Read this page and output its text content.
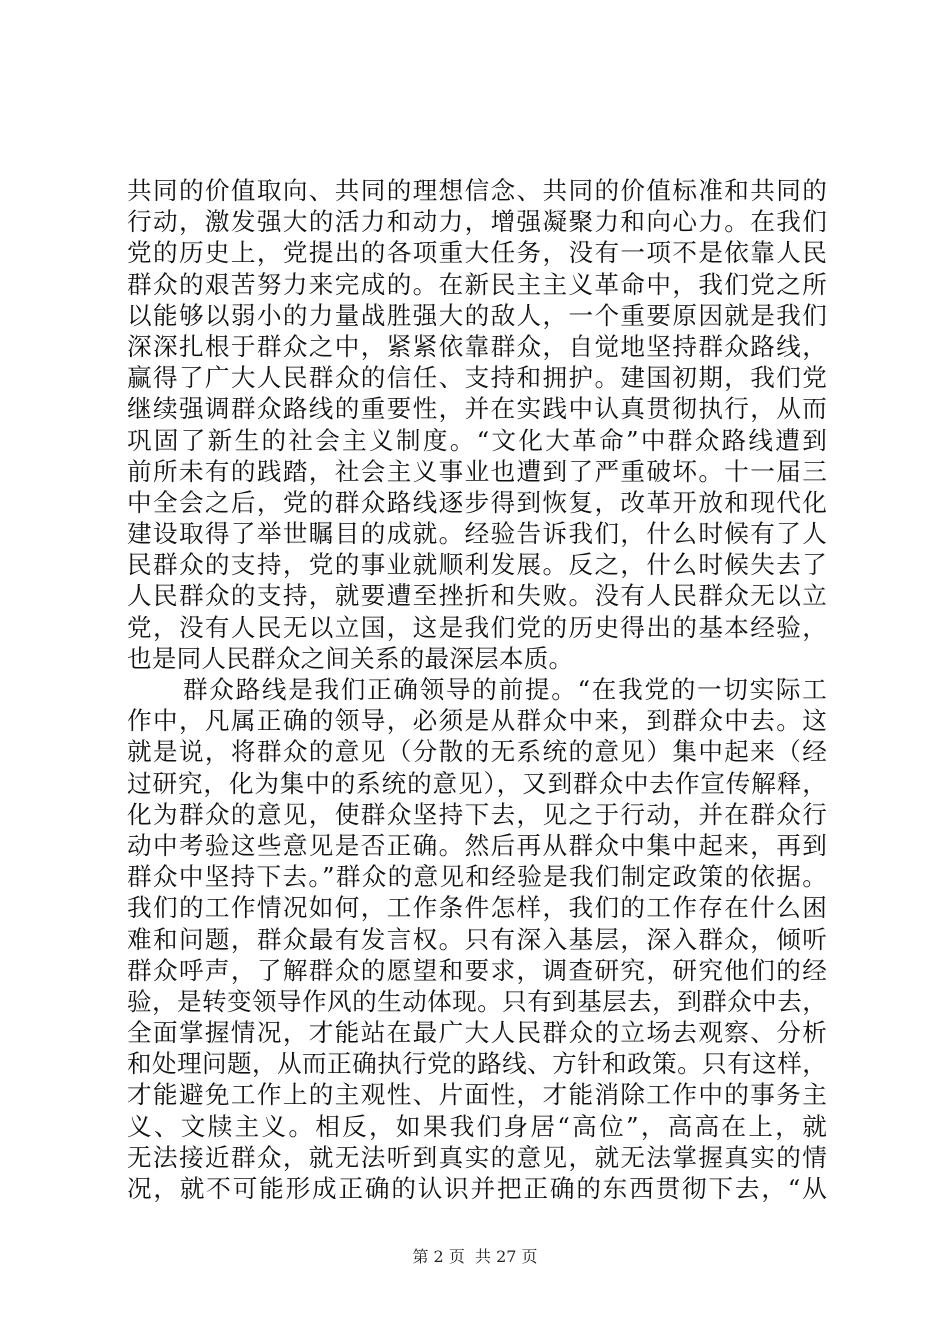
共同的价值取向、共同的理想信念、共同的价值标准和共同的
行动，激发强大的活力和动力，增强凝聚力和向心力。在我们
党的历史上，党提出的各项重大任务，没有一项不是依靠人民
群众的艰苦努力来完成的。在新民主主义革命中，我们党之所
以能够以弱小的力量战胜强大的敌人，一个重要原因就是我们
深深扎根于群众之中，紧紧依靠群众，自觉地坚持群众路线，
赢得了广大人民群众的信任、支持和拥护。建国初期，我们党
继续强调群众路线的重要性，并在实践中认真贯彻执行，从而
巩固了新生的社会主义制度。“文化大革命”中群众路线遭到
前所未有的践踏，社会主义事业也遭到了严重破坏。十一届三
中全会之后，党的群众路线逐步得到恢复，改革开放和现代化
建设取得了举世瞩目的成就。经验告诉我们，什么时候有了人
民群众的支持，党的事业就顺利发展。反之，什么时候失去了
人民群众的支持，就要遭至挫折和失败。没有人民群众无以立
党，没有人民无以立国，这是我们党的历史得出的基本经验，
也是同人民群众之间关系的最深层本质。
群众路线是我们正确领导的前提。“在我党的一切实际工
作中，凡属正确的领导，必须是从群众中来，到群众中去。这
就是说，将群众的意见（分散的无系统的意见）集中起来（经
过研究，化为集中的系统的意见），又到群众中去作宣传解释，
化为群众的意见，使群众坚持下去，见之于行动，并在群众行
动中考验这些意见是否正确。然后再从群众中集中起来，再到
群众中坚持下去。”群众的意见和经验是我们制定政策的依据。
我们的工作情况如何，工作条件怎样，我们的工作存在什么困
难和问题，群众最有发言权。只有深入基层，深入群众，倾听
群众呼声，了解群众的愿望和要求，调查研究，研究他们的经
验，是转变领导作风的生动体现。只有到基层去，到群众中去，
全面掌握情况，才能站在最广大人民群众的立场去观察、分析
和处理问题，从而正确执行党的路线、方针和政策。只有这样，
才能避免工作上的主观性、片面性，才能消除工作中的事务主
义、文牍主义。相反，如果我们身居“高位”，高高在上，就
无法接近群众，就无法听到真实的意见，就无法掌握真实的情
况，就不可能形成正确的认识并把正确的东西贯彻下去，“从
第 2 页  共 27 页
